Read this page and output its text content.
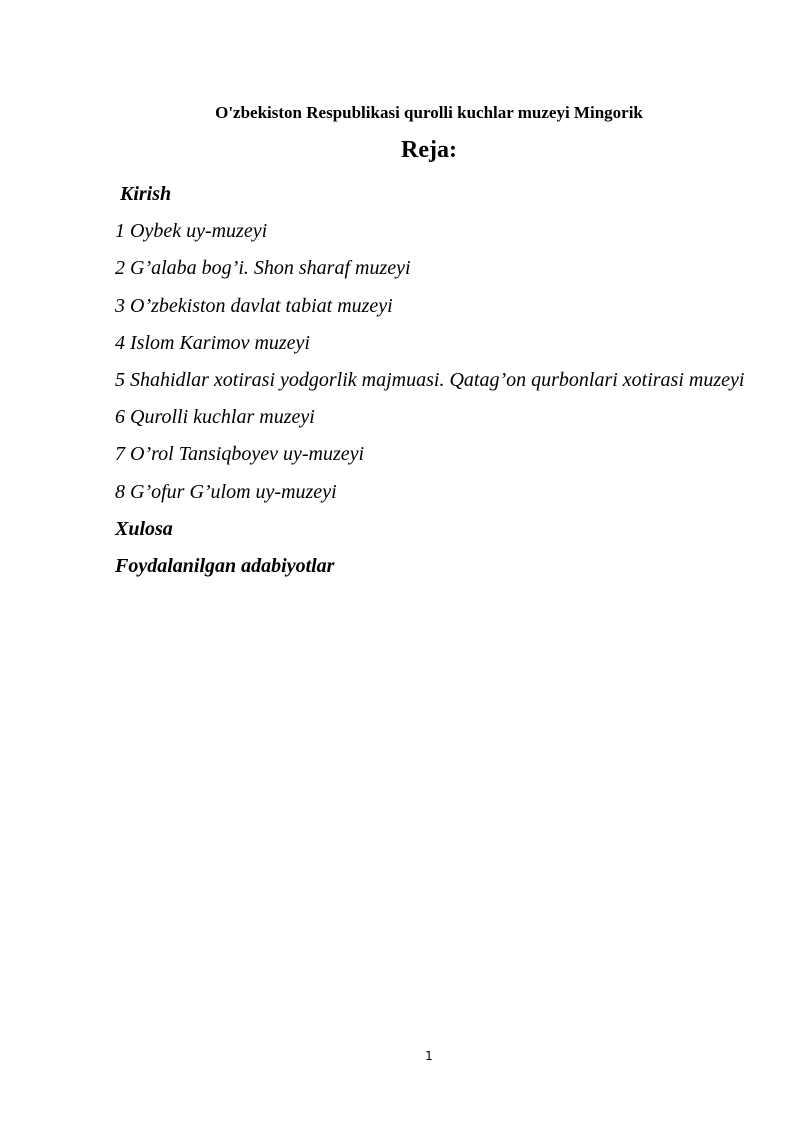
O'zbekiston Respublikasi qurolli kuchlar muzeyi Mingorik
Reja:
Kirish
1 Oybek uy-muzeyi
2 G’alaba bog’i. Shon sharaf muzeyi
3 O’zbekiston davlat tabiat muzeyi
4 Islom Karimov muzeyi
5 Shahidlar xotirasi yodgorlik majmuasi. Qatag’on qurbonlari xotirasi muzeyi
6 Qurolli kuchlar muzeyi
7 O’rol Tansiqboyev uy-muzeyi
8 G’ofur G’ulom uy-muzeyi
Xulosa
Foydalanilgan adabiyotlar
1
